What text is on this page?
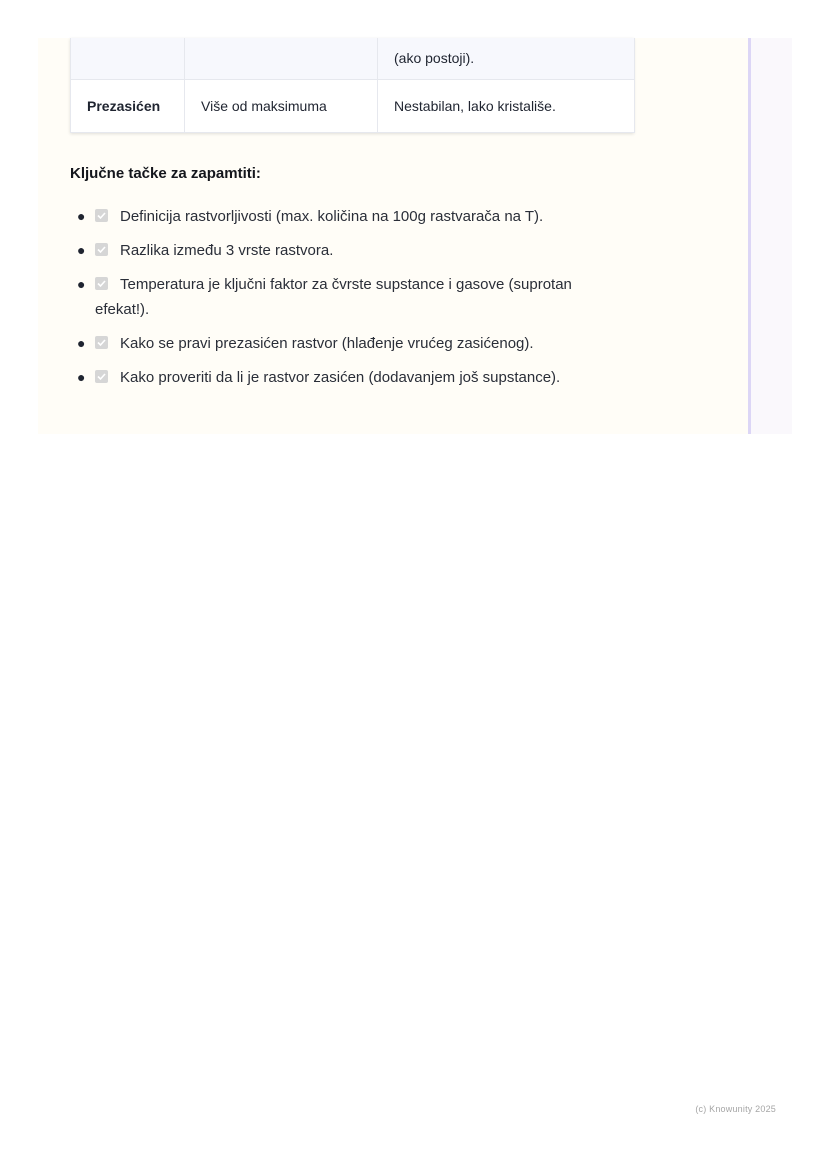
		(ako postoji).
Prezasićen	Više od maksimuma	Nestabilan, lako kristališe.
Ključne tačke za zapamtiti:
● Definicija rastvorljivosti (max. količina na 100g rastvarača na T).
● Razlika između 3 vrste rastvora.
● Temperatura je ključni faktor za čvrste supstance i gasove (suprotan efekat!).
● Kako se pravi prezasićen rastvor (hlađenje vrućeg zasićenog).
● Kako proveriti da li je rastvor zasićen (dodavanjem još supstance).
(c) Knowunity 2025
